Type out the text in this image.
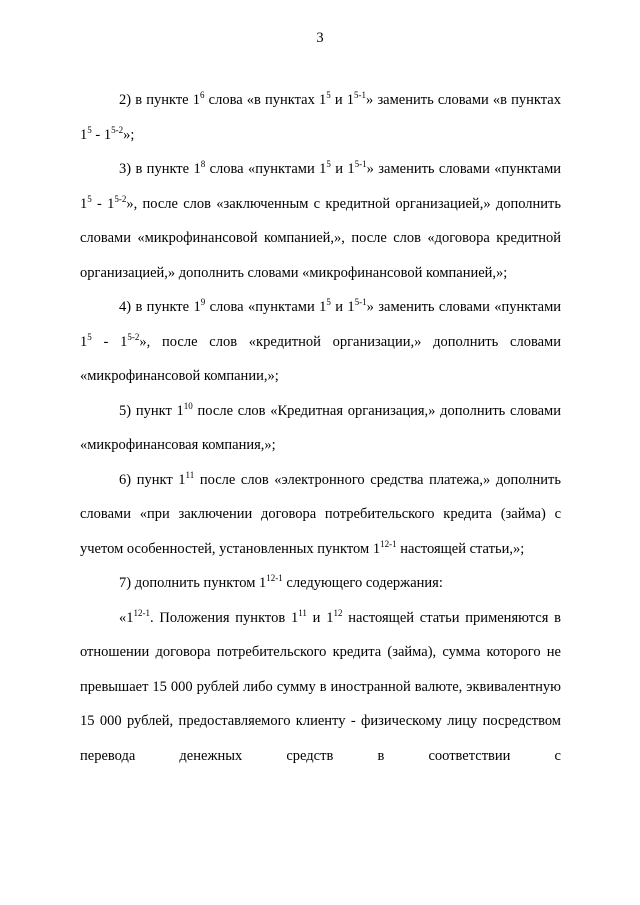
3

2) в пункте $1^6$ слова «в пунктах $1^5$ и 1$^{5-1}$» заменить словами «в пунктах $1^5 - 1^{5-2}$»;

3) в пункте $1^8$ слова «пунктами $1^5$ и 1$^{5-1}$» заменить словами «пунктами $1^5 - 1^{5-2}$», после слов «заключенным с кредитной организацией,» дополнить словами «микрофинансовой компанией,», после слов «договора кредитной организацией,» дополнить словами «микрофинансовой компанией,»;

4) в пункте $1^9$ слова «пунктами $1^5$ и 1$^{5-1}$» заменить словами «пунктами $1^5 - 1^{5-2}$», после слов «кредитной организации,» дополнить словами «микрофинансовой компании,»;

5) пункт $1^{10}$ после слов «Кредитная организация,» дополнить словами «микрофинансовая компания,»;

6) пункт $1^{11}$ после слов «электронного средства платежа,» дополнить словами «при заключении договора потребительского кредита (займа) с учетом особенностей, установленных пунктом 1$^{12-1}$ настоящей статьи,»;

7) дополнить пунктом 1$^{12-1}$ следующего содержания:

«1$^{12-1}$. Положения пунктов $1^{11}$ и $1^{12}$ настоящей статьи применяются в отношении договора потребительского кредита (займа), сумма которого не превышает 15 000 рублей либо сумму в иностранной валюте, эквивалентную 15 000 рублей, предоставляемого клиенту - физическому лицу посредством перевода денежных средств в соответствии с
